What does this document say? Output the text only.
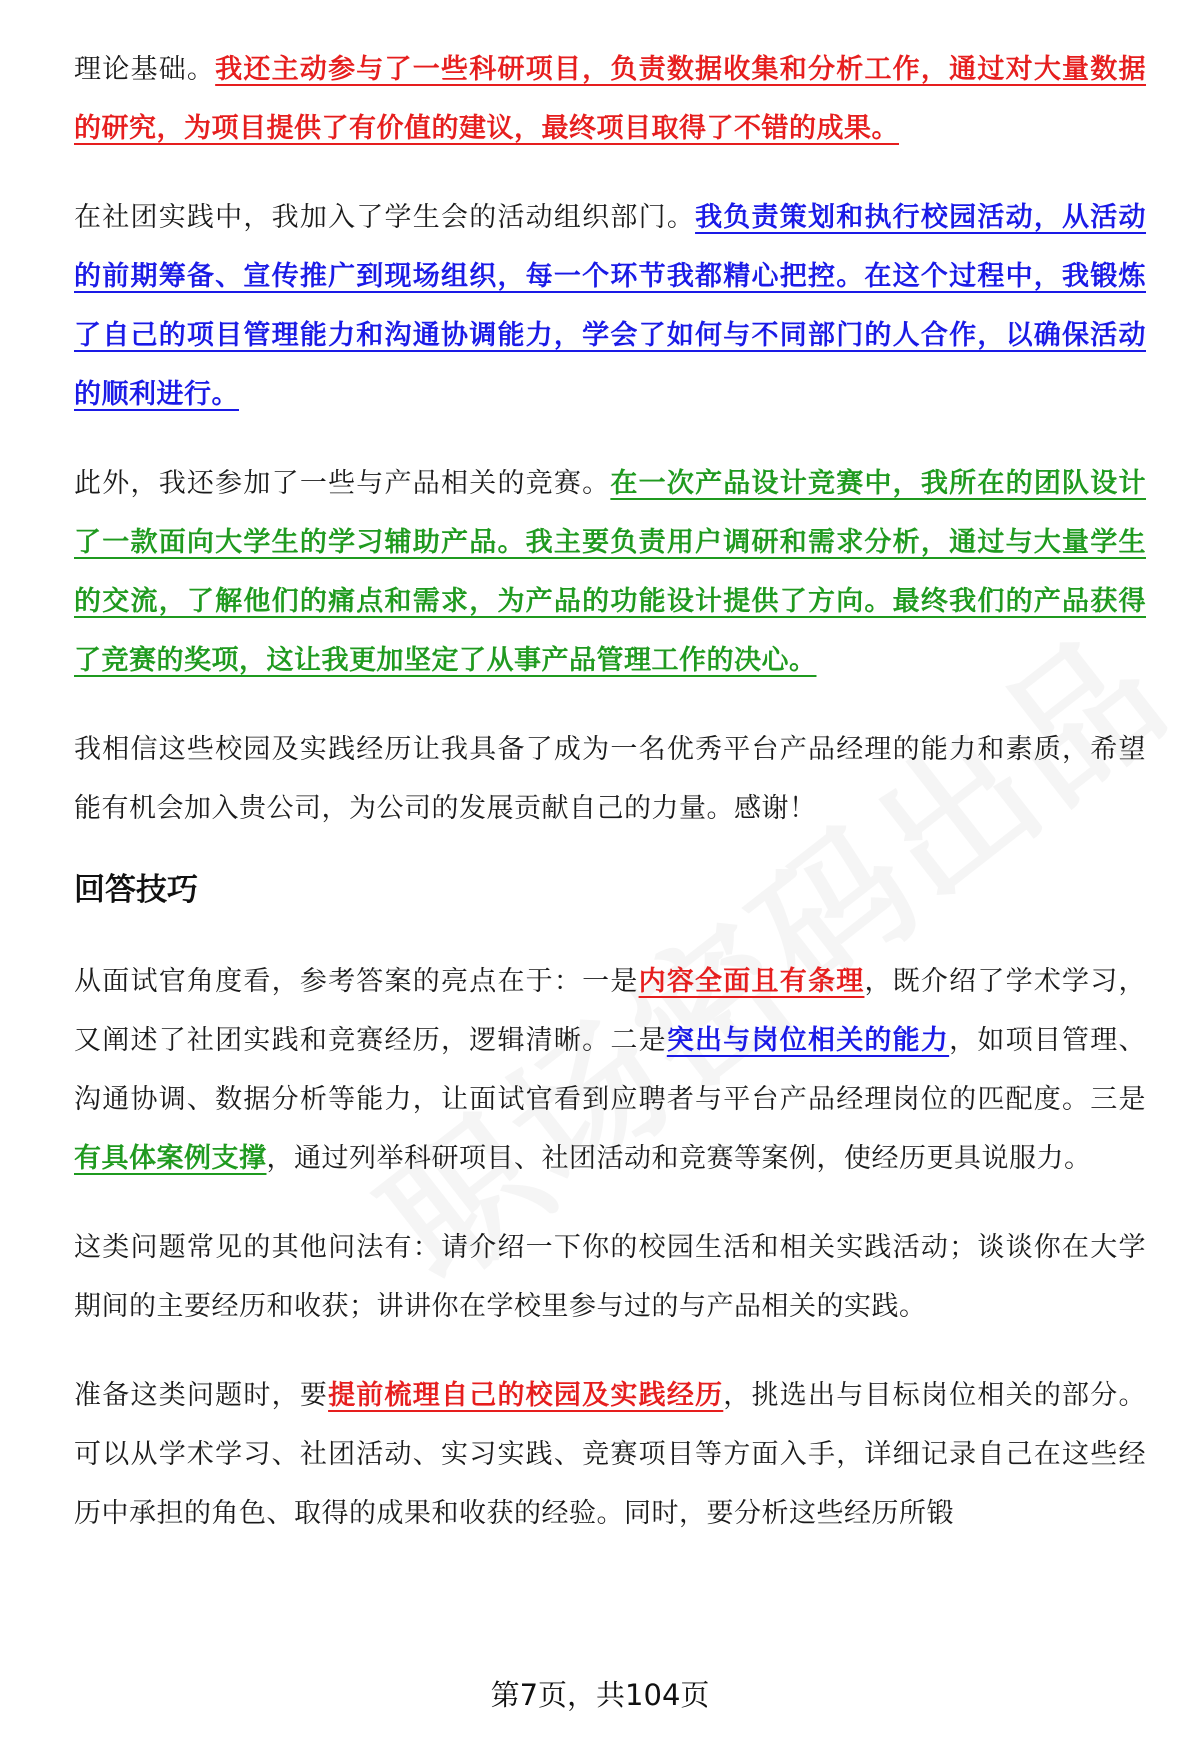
理论基础。我还主动参与了一些科研项目，负责数据收集和分析工作，通过对大量数据的研究，为项目提供了有价值的建议，最终项目取得了不错的成果。

在社团实践中，我加入了学生会的活动组织部门。我负责策划和执行校园活动，从活动的前期筹备、宣传推广到现场组织，每一个环节我都精心把控。在这个过程中，我锻炼了自己的项目管理能力和沟通协调能力，学会了如何与不同部门的人合作，以确保活动的顺利进行。

此外，我还参加了一些与产品相关的竞赛。在一次产品设计竞赛中，我所在的团队设计了一款面向大学生的学习辅助产品。我主要负责用户调研和需求分析，通过与大量学生的交流，了解他们的痛点和需求，为产品的功能设计提供了方向。最终我们的产品获得了竞赛的奖项，这让我更加坚定了从事产品管理工作的决心。

我相信这些校园及实践经历让我具备了成为一名优秀平台产品经理的能力和素质，希望能有机会加入贵公司，为公司的发展贡献自己的力量。感谢！

回答技巧

从面试官角度看，参考答案的亮点在于：一是内容全面且有条理，既介绍了学术学习，又阐述了社团实践和竞赛经历，逻辑清晰。二是突出与岗位相关的能力，如项目管理、沟通协调、数据分析等能力，让面试官看到应聘者与平台产品经理岗位的匹配度。三是有具体案例支撑，通过列举科研项目、社团活动和竞赛等案例，使经历更具说服力。

这类问题常见的其他问法有：请介绍一下你的校园生活和相关实践活动；谈谈你在大学期间的主要经历和收获；讲讲你在学校里参与过的与产品相关的实践。

准备这类问题时，要提前梳理自己的校园及实践经历，挑选出与目标岗位相关的部分。可以从学术学习、社团活动、实习实践、竞赛项目等方面入手，详细记录自己在这些经历中承担的角色、取得的成果和收获的经验。同时，要分析这些经历所锻

第7页，共104页
